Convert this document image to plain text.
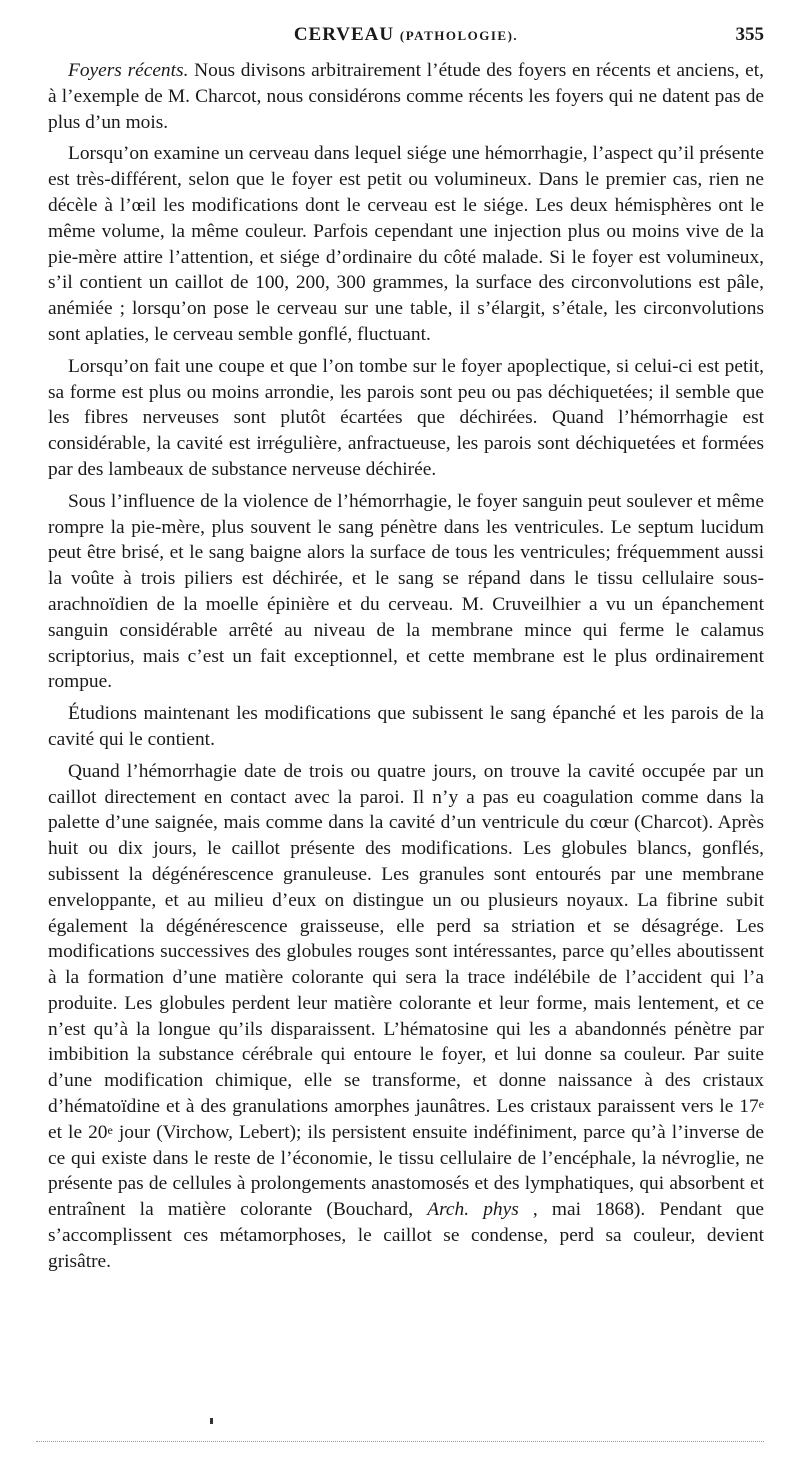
CERVEAU (PATHOLOGIE).	355

Foyers récents. Nous divisons arbitrairement l’étude des foyers en récents et anciens, et, à l’exemple de M. Charcot, nous considérons comme récents les foyers qui ne datent pas de plus d’un mois.

Lorsqu’on examine un cerveau dans lequel siége une hémorrhagie, l’aspect qu’il présente est très-différent, selon que le foyer est petit ou volumineux. Dans le premier cas, rien ne décèle à l’œil les modifications dont le cerveau est le siége. Les deux hémisphères ont le même volume, la même couleur. Parfois cependant une injection plus ou moins vive de la pie-mère attire l’attention, et siége d’ordinaire du côté malade. Si le foyer est volumineux, s’il contient un caillot de 100, 200, 300 grammes, la surface des circonvolutions est pâle, anémiée ; lorsqu’on pose le cerveau sur une table, il s’élargit, s’étale, les circonvolutions sont aplaties, le cerveau semble gonflé, fluctuant.

Lorsqu’on fait une coupe et que l’on tombe sur le foyer apoplectique, si celui-ci est petit, sa forme est plus ou moins arrondie, les parois sont peu ou pas déchiquetées; il semble que les fibres nerveuses sont plutôt écartées que déchirées. Quand l’hémorrhagie est considérable, la cavité est irrégulière, anfractueuse, les parois sont déchiquetées et formées par des lambeaux de substance nerveuse déchirée.

Sous l’influence de la violence de l’hémorrhagie, le foyer sanguin peut soulever et même rompre la pie-mère, plus souvent le sang pénètre dans les ventricules. Le septum lucidum peut être brisé, et le sang baigne alors la surface de tous les ventricules; fréquemment aussi la voûte à trois piliers est déchirée, et le sang se répand dans le tissu cellulaire sous-arachnoïdien de la moelle épinière et du cerveau. M. Cruveilhier a vu un épanchement sanguin considérable arrêté au niveau de la membrane mince qui ferme le calamus scriptorius, mais c’est un fait exceptionnel, et cette membrane est le plus ordinairement rompue.

Étudions maintenant les modifications que subissent le sang épanché et les parois de la cavité qui le contient.

Quand l’hémorrhagie date de trois ou quatre jours, on trouve la cavité occupée par un caillot directement en contact avec la paroi. Il n’y a pas eu coagulation comme dans la palette d’une saignée, mais comme dans la cavité d’un ventricule du cœur (Charcot). Après huit ou dix jours, le caillot présente des modifications. Les globules blancs, gonflés, subissent la dégénérescence granuleuse. Les granules sont entourés par une membrane enveloppante, et au milieu d’eux on distingue un ou plusieurs noyaux. La fibrine subit également la dégénérescence graisseuse, elle perd sa striation et se désagrége. Les modifications successives des globules rouges sont intéressantes, parce qu’elles aboutissent à la formation d’une matière colorante qui sera la trace indélébile de l’accident qui l’a produite. Les globules perdent leur matière colorante et leur forme, mais lentement, et ce n’est qu’à la longue qu’ils disparaissent. L’hématosine qui les a abandonnés pénètre par imbibition la substance cérébrale qui entoure le foyer, et lui donne sa couleur. Par suite d’une modification chimique, elle se transforme, et donne naissance à des cristaux d’hématoïdine et à des granulations amorphes jaunâtres. Les cristaux paraissent vers le 17e et le 20e jour (Virchow, Lebert); ils persistent ensuite indéfiniment, parce qu’à l’inverse de ce qui existe dans le reste de l’économie, le tissu cellulaire de l’encéphale, la névroglie, ne présente pas de cellules à prolongements anastomosés et des lymphatiques, qui absorbent et entraînent la matière colorante (Bouchard, Arch. phys , mai 1868). Pendant que s’accomplissent ces métamorphoses, le caillot se condense, perd sa couleur, devient grisâtre.
